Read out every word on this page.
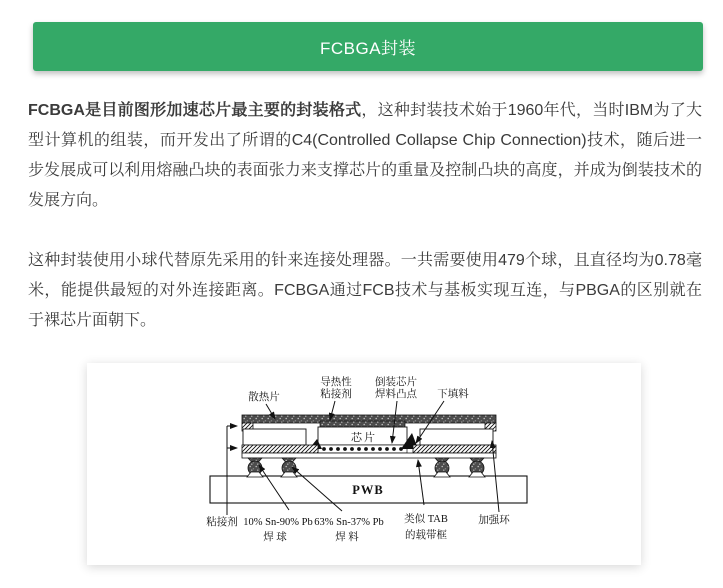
FCBGA封装

FCBGA是目前图形加速芯片最主要的封装格式，这种封装技术始于1960年代，当时IBM为了大型计算机的组装，而开发出了所谓的C4(Controlled Collapse Chip Connection)技术，随后进一步发展成可以利用熔融凸块的表面张力来支撑芯片的重量及控制凸块的高度，并成为倒装技术的发展方向。

这种封装使用小球代替原先采用的针来连接处理器。一共需要使用479个球，且直径均为0.78毫米，能提供最短的对外连接距离。FCBGA通过FCB技术与基板实现互连，与PBGA的区别就在于裸芯片面朝下。

散热片
导热性
粘接剂
倒装芯片
焊料凸点 下填料
芯片
PWB
粘接剂 10% Sn-90% Pb
焊 球
63% Sn-37% Pb
焊 料
类似 TAB
的载带框
加强环
